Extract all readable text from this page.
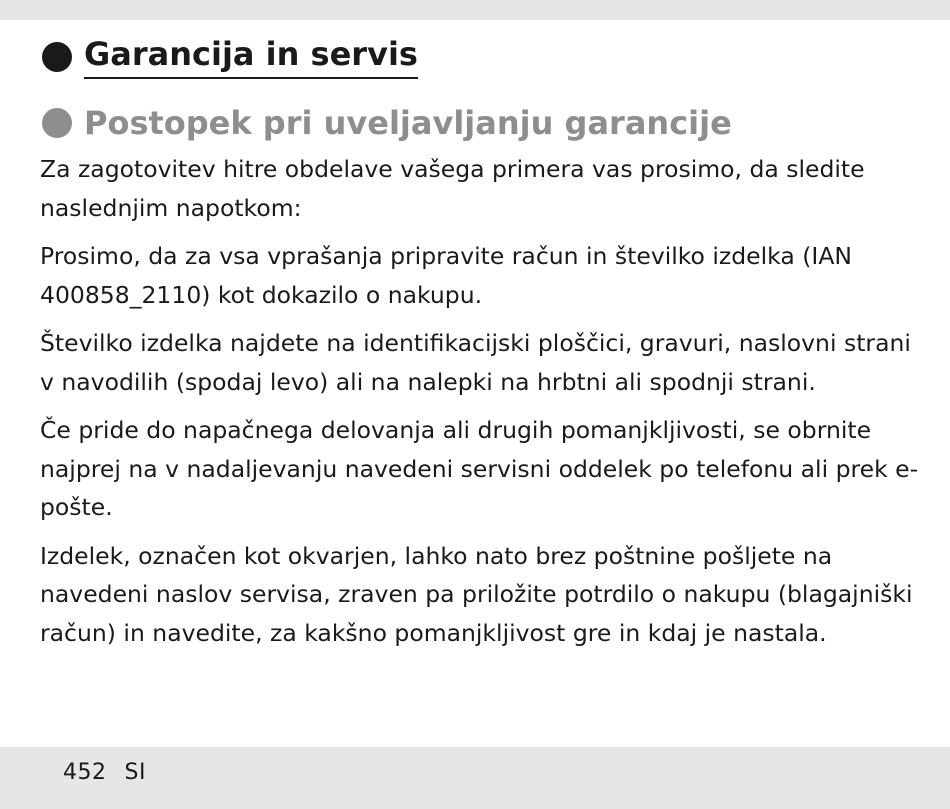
Garancija in servis
Postopek pri uveljavljanju garancije

Za zagotovitev hitre obdelave vašega primera vas prosimo, da sledite naslednjim napotkom:

Prosimo, da za vsa vprašanja pripravite račun in številko izdelka (IAN 400858_2110) kot dokazilo o nakupu.

Številko izdelka najdete na identifikacijski ploščici, gravuri, naslovni strani v navodilih (spodaj levo) ali na nalepki na hrbtni ali spodnji strani.

Če pride do napačnega delovanja ali drugih pomanjkljivosti, se obrnite najprej na v nadaljevanju navedeni servisni oddelek po telefonu ali prek e-pošte.

Izdelek, označen kot okvarjen, lahko nato brez poštnine pošljete na navedeni naslov servisa, zraven pa priložite potrdilo o nakupu (blagajniški račun) in navedite, za kakšno pomanjkljivost gre in kdaj je nastala.

452 SI
